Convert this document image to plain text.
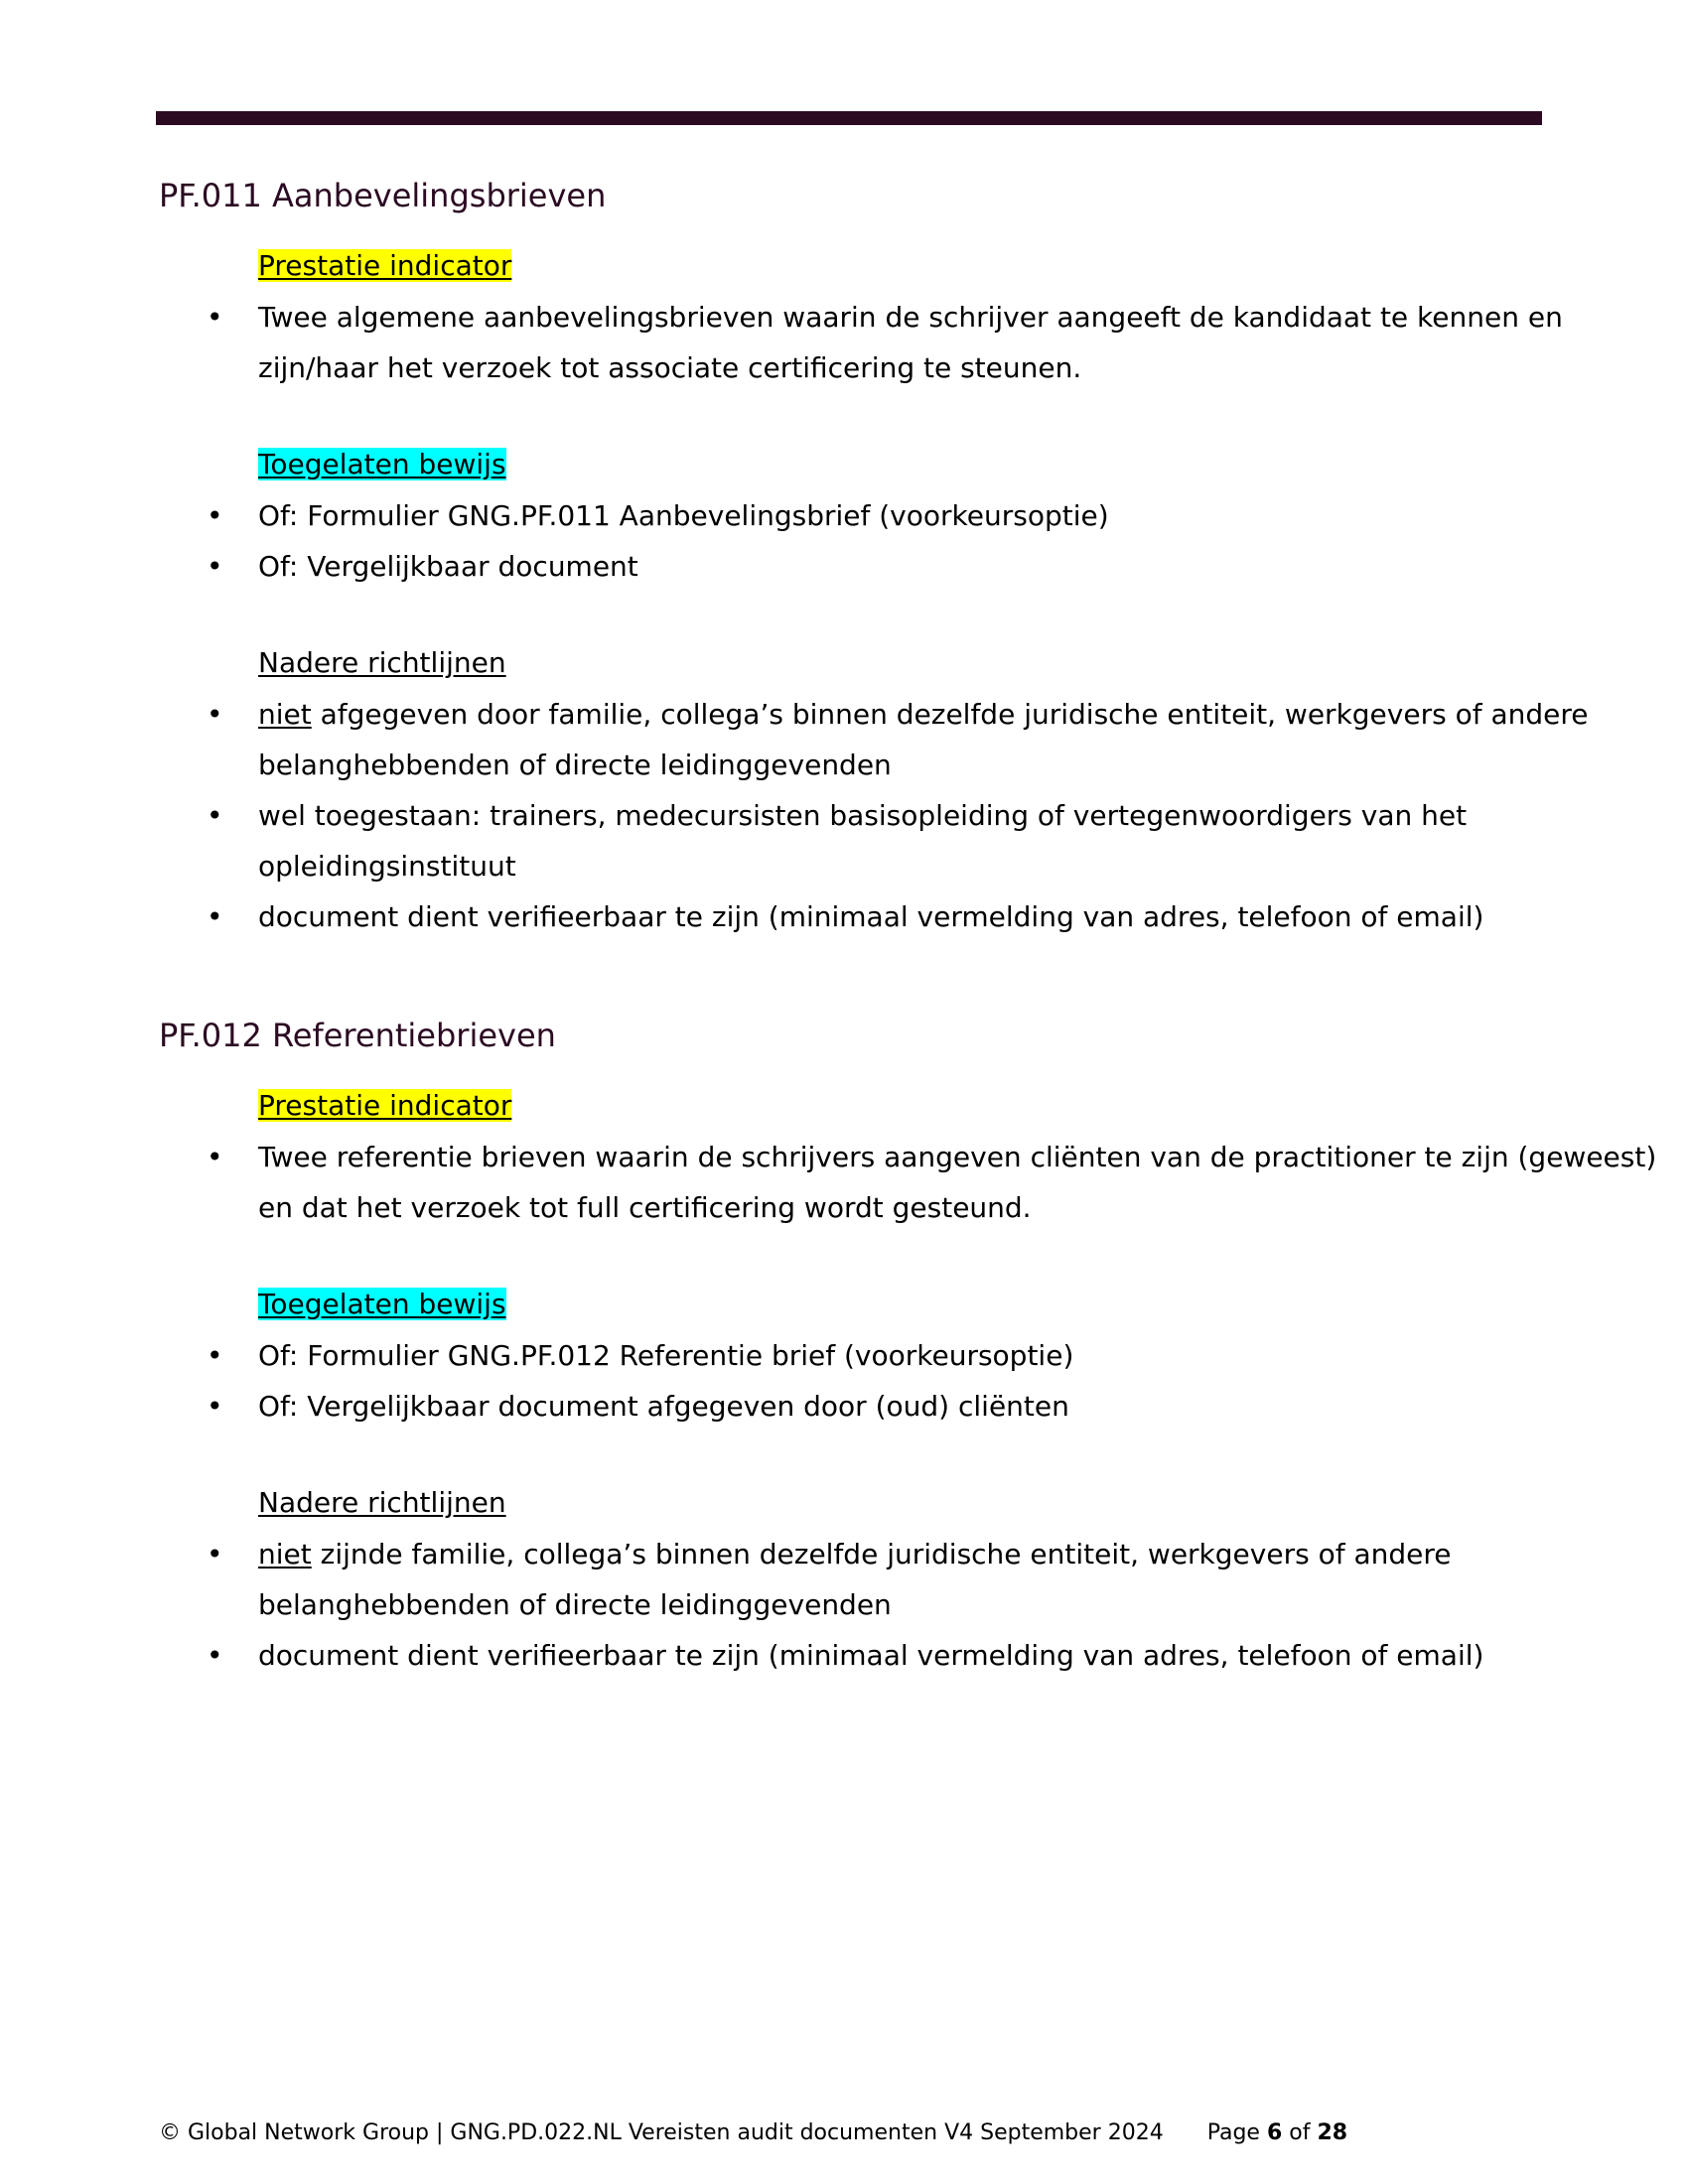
PF.011 Aanbevelingsbrieven
Prestatie indicator
• Twee algemene aanbevelingsbrieven waarin de schrijver aangeeft de kandidaat te kennen en zijn/haar het verzoek tot associate certificering te steunen.
Toegelaten bewijs
• Of: Formulier GNG.PF.011 Aanbevelingsbrief (voorkeursoptie)
• Of: Vergelijkbaar document
Nadere richtlijnen
• niet afgegeven door familie, collega’s binnen dezelfde juridische entiteit, werkgevers of andere belanghebbenden of directe leidinggevenden
• wel toegestaan: trainers, medecursisten basisopleiding of vertegenwoordigers van het opleidingsinstituut
• document dient verifieerbaar te zijn (minimaal vermelding van adres, telefoon of email)
PF.012 Referentiebrieven
Prestatie indicator
• Twee referentie brieven waarin de schrijvers aangeven cliënten van de practitioner te zijn (geweest) en dat het verzoek tot full certificering wordt gesteund.
Toegelaten bewijs
• Of: Formulier GNG.PF.012 Referentie brief (voorkeursoptie)
• Of: Vergelijkbaar document afgegeven door (oud) cliënten
Nadere richtlijnen
• niet zijnde familie, collega’s binnen dezelfde juridische entiteit, werkgevers of andere belanghebbenden of directe leidinggevenden
• document dient verifieerbaar te zijn (minimaal vermelding van adres, telefoon of email)
© Global Network Group | GNG.PD.022.NL Vereisten audit documenten V4 September 2024 Page 6 of 28
